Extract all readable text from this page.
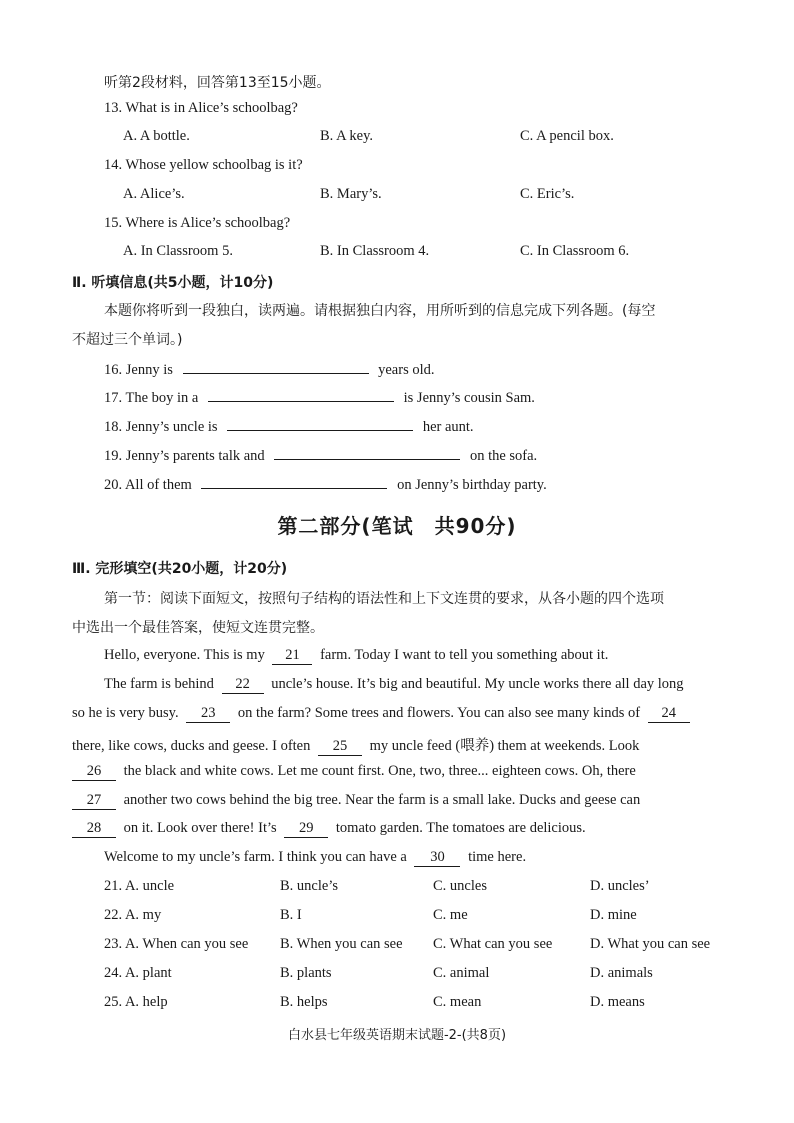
听第2段材料，回答第13至15小题。
13. What is in Alice’s schoolbag?
A. A bottle.	B. A key.	C. A pencil box.
14. Whose yellow schoolbag is it?
A. Alice’s.	B. Mary’s.	C. Eric’s.
15. Where is Alice’s schoolbag?
A. In Classroom 5.	B. In Classroom 4.	C. In Classroom 6.
Ⅱ. 听填信息(共5小题，计10分)
本题你将听到一段独白，读两遍。请根据独白内容，用所听到的信息完成下列各题。(每空
不超过三个单词。)
16. Jenny is	years old.
17. The boy in a	is Jenny’s cousin Sam.
18. Jenny’s uncle is	her aunt.
19. Jenny’s parents talk and	on the sofa.
20. All of them	on Jenny’s birthday party.
第二部分(笔试　共90分)
Ⅲ. 完形填空(共20小题，计20分)
第一节：阅读下面短文，按照句子结构的语法性和上下文连贯的要求，从各小题的四个选项
中选出一个最佳答案，使短文连贯完整。
Hello, everyone. This is my 21 farm. Today I want to tell you something about it.
The farm is behind 22 uncle’s house. It’s big and beautiful. My uncle works there all day long
so he is very busy. 23 on the farm? Some trees and flowers. You can also see many kinds of 24
there, like cows, ducks and geese. I often 25 my uncle feed (喂养) them at weekends. Look
26 the black and white cows. Let me count first. One, two, three... eighteen cows. Oh, there
27 another two cows behind the big tree. Near the farm is a small lake. Ducks and geese can
28 on it. Look over there! It’s 29 tomato garden. The tomatoes are delicious.
Welcome to my uncle’s farm. I think you can have a 30 time here.
21. A. uncle	B. uncle’s	C. uncles	D. uncles’
22. A. my	B. I	C. me	D. mine
23. A. When can you see B. When you can see C. What can you see	D. What you can see
24. A. plant	B. plants	C. animal	D. animals
25. A. help	B. helps	C. mean	D. means
白水县七年级英语期末试题-2-(共8页)
